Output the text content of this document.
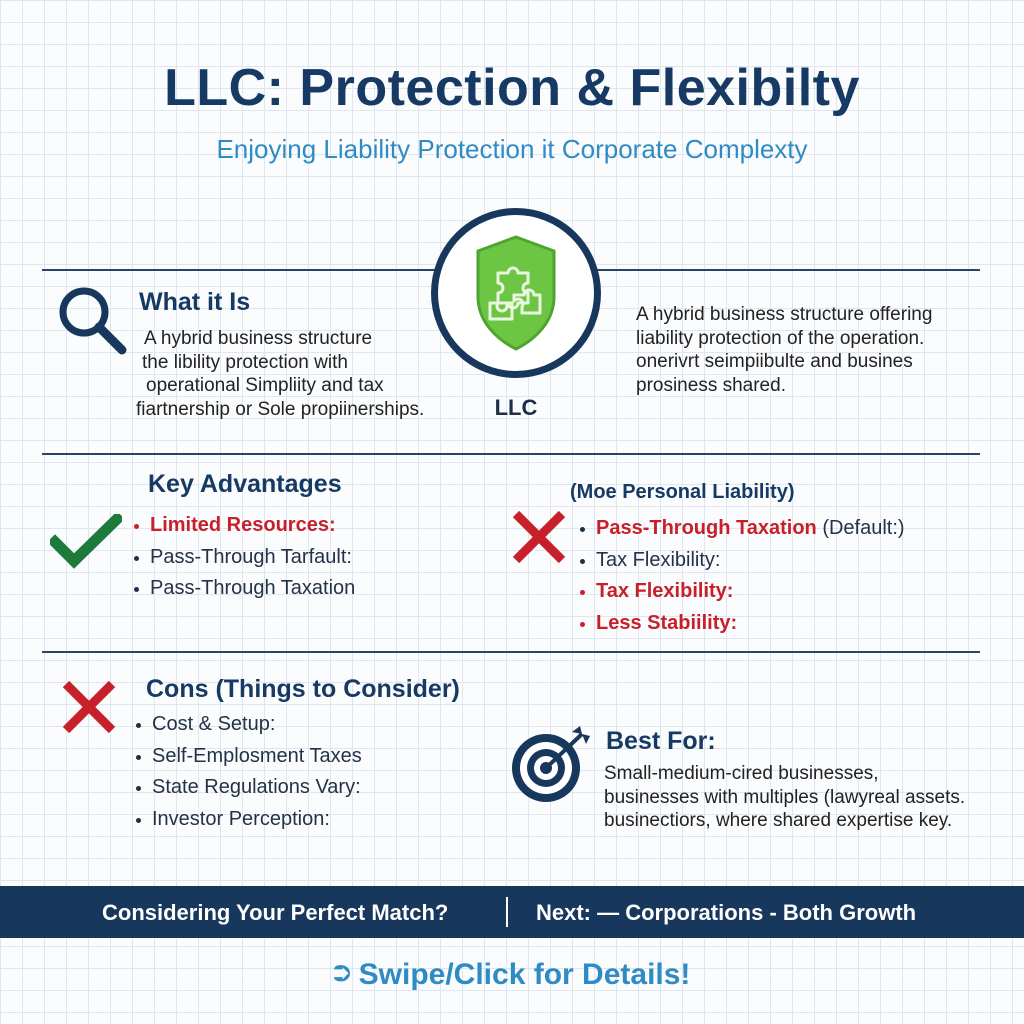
LLC: Protection & Flexibilty
Enjoying Liability Protection it Corporate Complexty
LLC
What it Is
A hybrid business structure
the libility protection with
operational Simpliity and tax
fiartnership or Sole propiinerships.
A hybrid business structure offering
liability protection of the operation.
onerivrt seimpiibulte and busines
prosiness shared.
Key Advantages
Limited Resources:
Pass-Through Tarfault:
Pass-Through Taxation
(Moe Personal Liability)
Pass-Through Taxation (Default:)
Tax Flexibility:
Tax Flexibility:
Less Stabiility:
Cons (Things to Consider)
Cost & Setup:
Self-Emplosment Taxes
State Regulations Vary:
Investor Perception:
Best For:
Small-medium-cired businesses,
businesses with multiples (lawyreal assets.
businectiors, where shared expertise key.
Considering Your Perfect Match?	Next: — Corporations - Both Growth
⮊ Swipe/Click for Details!
